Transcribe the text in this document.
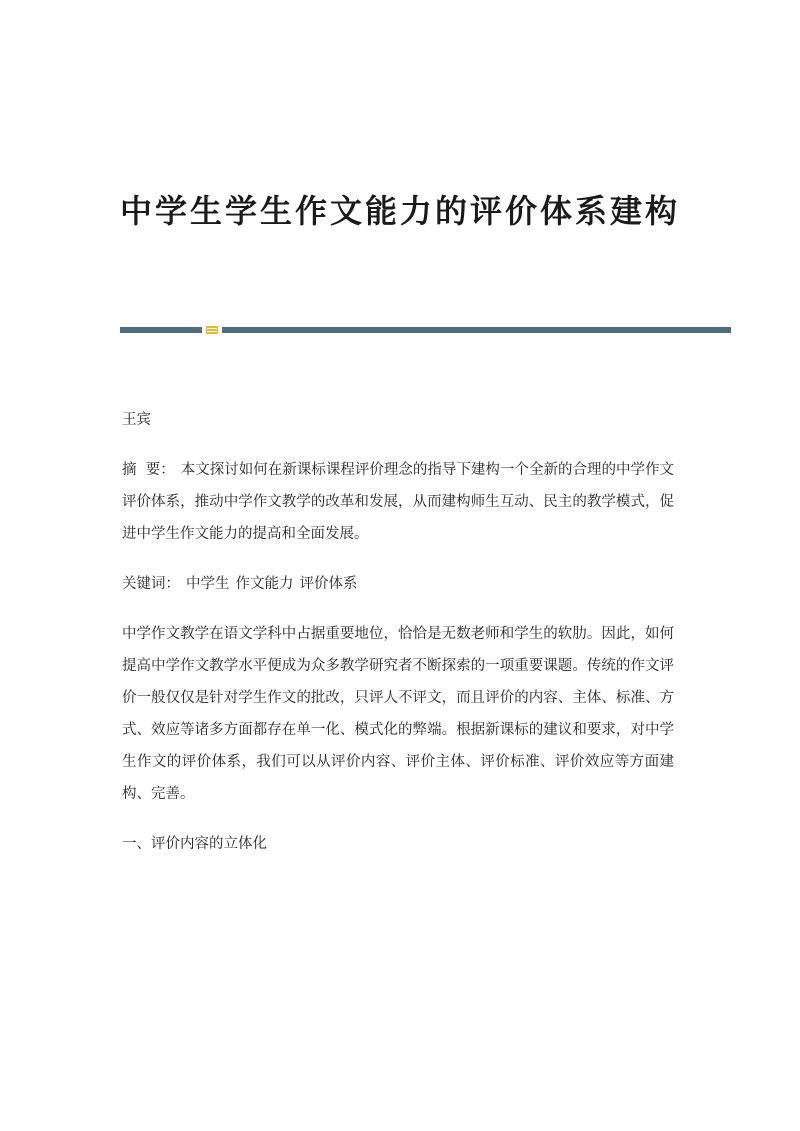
中学生学生作文能力的评价体系建构

王宾

摘  要： 本文探讨如何在新课标课程评价理念的指导下建构一个全新的合理的中学作文评价体系，推动中学作文教学的改革和发展，从而建构师生互动、民主的教学模式，促进中学生作文能力的提高和全面发展。

关键词： 中学生 作文能力 评价体系

中学作文教学在语文学科中占据重要地位，恰恰是无数老师和学生的软肋。因此，如何提高中学作文教学水平便成为众多教学研究者不断探索的一项重要课题。传统的作文评价一般仅仅是针对学生作文的批改，只评人不评文，而且评价的内容、主体、标准、方式、效应等诸多方面都存在单一化、模式化的弊端。根据新课标的建议和要求，对中学生作文的评价体系，我们可以从评价内容、评价主体、评价标准、评价效应等方面建构、完善。

一、评价内容的立体化
